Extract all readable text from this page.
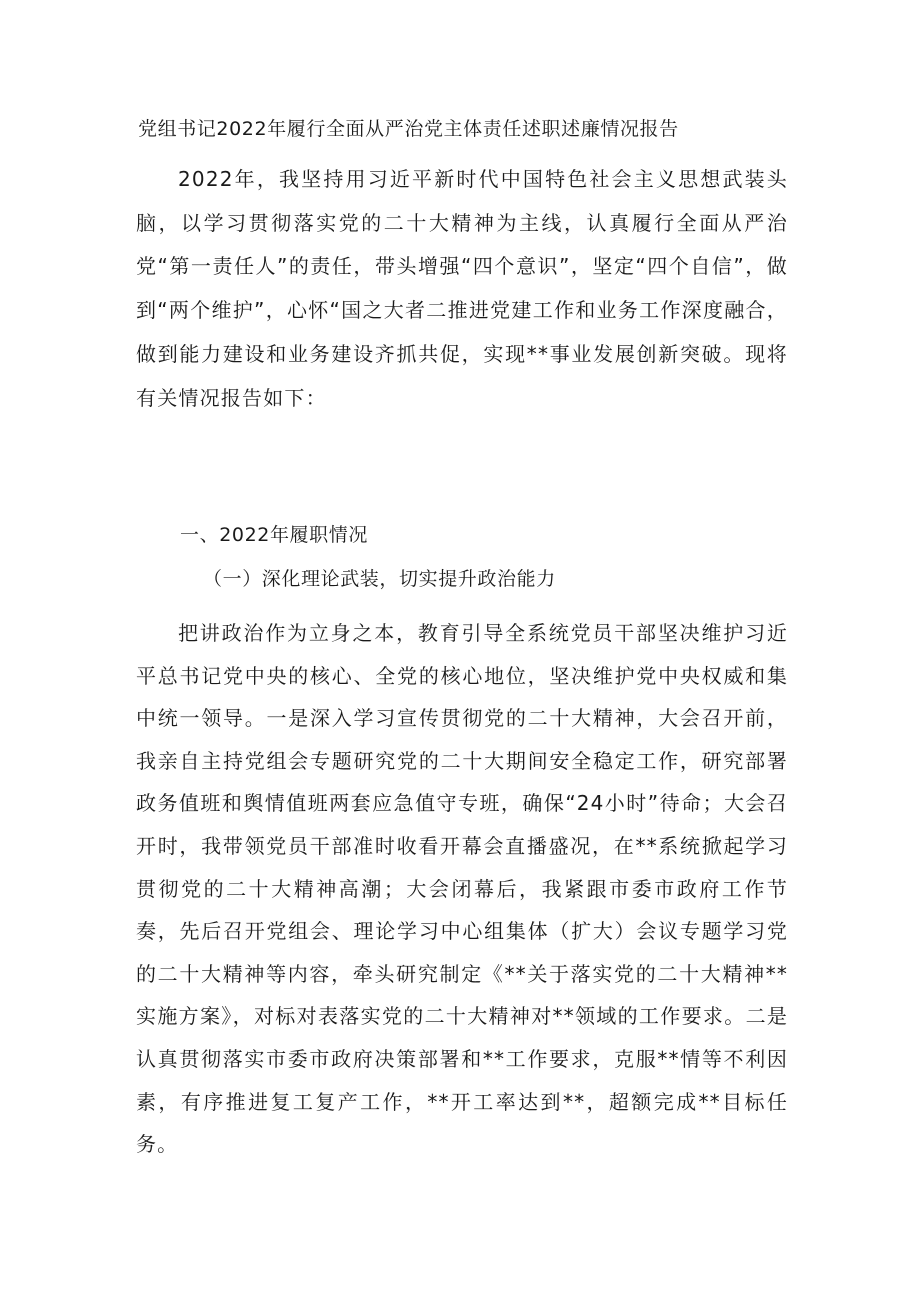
党组书记2022年履行全面从严治党主体责任述职述廉情况报告

2022年，我坚持用习近平新时代中国特色社会主义思想武装头脑，以学习贯彻落实党的二十大精神为主线，认真履行全面从严治党“第一责任人”的责任，带头增强“四个意识”，坚定“四个自信”，做到“两个维护”，心怀“国之大者二推进党建工作和业务工作深度融合，做到能力建设和业务建设齐抓共促，实现**事业发展创新突破。现将有关情况报告如下：

一、2022年履职情况
（一）深化理论武装，切实提升政治能力

把讲政治作为立身之本，教育引导全系统党员干部坚决维护习近平总书记党中央的核心、全党的核心地位，坚决维护党中央权威和集中统一领导。一是深入学习宣传贯彻党的二十大精神，大会召开前，我亲自主持党组会专题研究党的二十大期间安全稳定工作，研究部署政务值班和舆情值班两套应急值守专班，确保“24小时”待命；大会召开时，我带领党员干部准时收看开幕会直播盛况，在**系统掀起学习贯彻党的二十大精神高潮；大会闭幕后，我紧跟市委市政府工作节奏，先后召开党组会、理论学习中心组集体（扩大）会议专题学习党的二十大精神等内容，牵头研究制定《**关于落实党的二十大精神**实施方案》，对标对表落实党的二十大精神对**领域的工作要求。二是认真贯彻落实市委市政府决策部署和**工作要求，克服**情等不利因素，有序推进复工复产工作，**开工率达到**，超额完成**目标任务。
